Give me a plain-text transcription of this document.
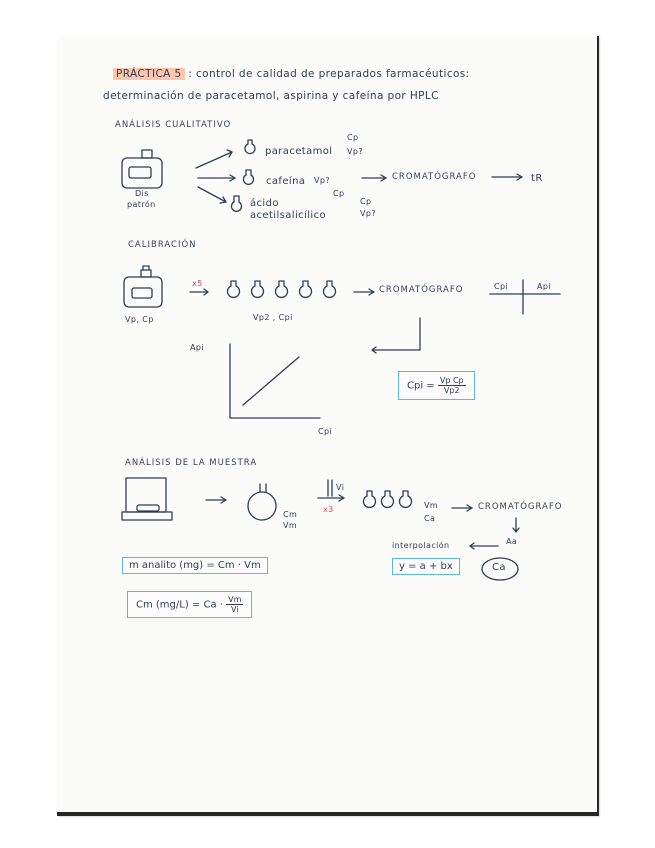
PRÁCTICA 5 : control de calidad de preparados farmacéuticos:
determinación de paracetamol, aspirina y cafeína por HPLC
ANÁLISIS CUALITATIVO
Dis
patrón
paracetamol
Cp
Vp?
cafeína Vp?
Cp
ácido
acetilsalicílico
Cp
Vp?
CROMATÓGRAFO	tR
CALIBRACIÓN
x5
Vp, Cp	Vp2 , Cpi
CROMATÓGRAFO	Cpi	Api
Api
Cpi
Cpi = $\frac{\text{Vp Cp}}{Vp2}$
ANÁLISIS DE LA MUESTRA
Cm
Vm
Vi
x3	Vm
Ca
CROMATÓGRAFO
Aa
interpolación
y = a + bx	Ca
m analito (mg) = Cm · Vm
Cm $(mg/L) = Ca \cdot \frac{Vm}{Vi}$
